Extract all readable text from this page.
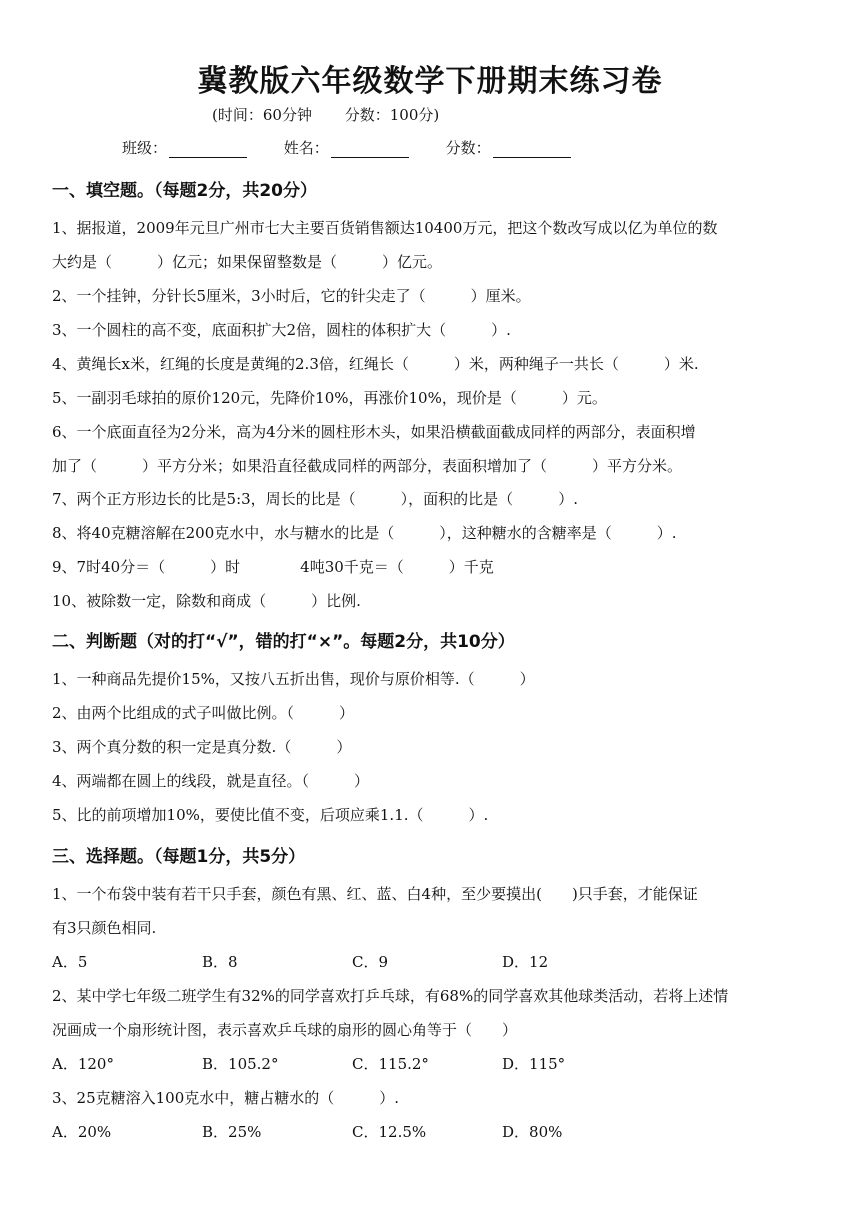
冀教版六年级数学下册期末练习卷
(时间：60分钟 分数：100分)
班级：	姓名：	分数：
一、填空题。（每题2分，共20分）
1、据报道，2009年元旦广州市七大主要百货销售额达10400万元，把这个数改写成以亿为单位的数
大约是（　　　）亿元；如果保留整数是（　　　）亿元。
2、一个挂钟，分针长5厘米，3小时后，它的针尖走了（　　　）厘米。
3、一个圆柱的高不变，底面积扩大2倍，圆柱的体积扩大（　　　）.
4、黄绳长x米，红绳的长度是黄绳的2.3倍，红绳长（　　　）米，两种绳子一共长（　　　）米.
5、一副羽毛球拍的原价120元，先降价10%，再涨价10%，现价是（　　　）元。
6、一个底面直径为2分米，高为4分米的圆柱形木头，如果沿横截面截成同样的两部分，表面积增
加了（　　　）平方分米；如果沿直径截成同样的两部分，表面积增加了（　　　）平方分米。
7、两个正方形边长的比是5:3，周长的比是（　　　），面积的比是（　　　）.
8、将40克糖溶解在200克水中，水与糖水的比是（　　　），这种糖水的含糖率是（　　　）.
9、7时40分＝（　　　）时　　　　4吨30千克＝（　　　）千克
10、被除数一定，除数和商成（　　　）比例.
二、判断题（对的打“√”，错的打“×”。每题2分，共10分）
1、一种商品先提价15%，又按八五折出售，现价与原价相等.（　　　）
2、由两个比组成的式子叫做比例。（　　　）
3、两个真分数的积一定是真分数.（　　　）
4、两端都在圆上的线段，就是直径。（　　　）
5、比的前项增加10%，要使比值不变，后项应乘1.1.（　　　）.
三、选择题。（每题1分，共5分）
1、一个布袋中装有若干只手套，颜色有黑、红、蓝、白4种，至少要摸出(　　)只手套，才能保证
有3只颜色相同.
A．5	B．8	C．9	D．12
2、某中学七年级二班学生有32%的同学喜欢打乒乓球，有68%的同学喜欢其他球类活动，若将上述情
况画成一个扇形统计图，表示喜欢乒乓球的扇形的圆心角等于（　　）
A．120°	B．105.2°	C．115.2°	D．115°
3、25克糖溶入100克水中，糖占糖水的（　　　）.
A．20%	B．25%	C．12.5%	D．80%
